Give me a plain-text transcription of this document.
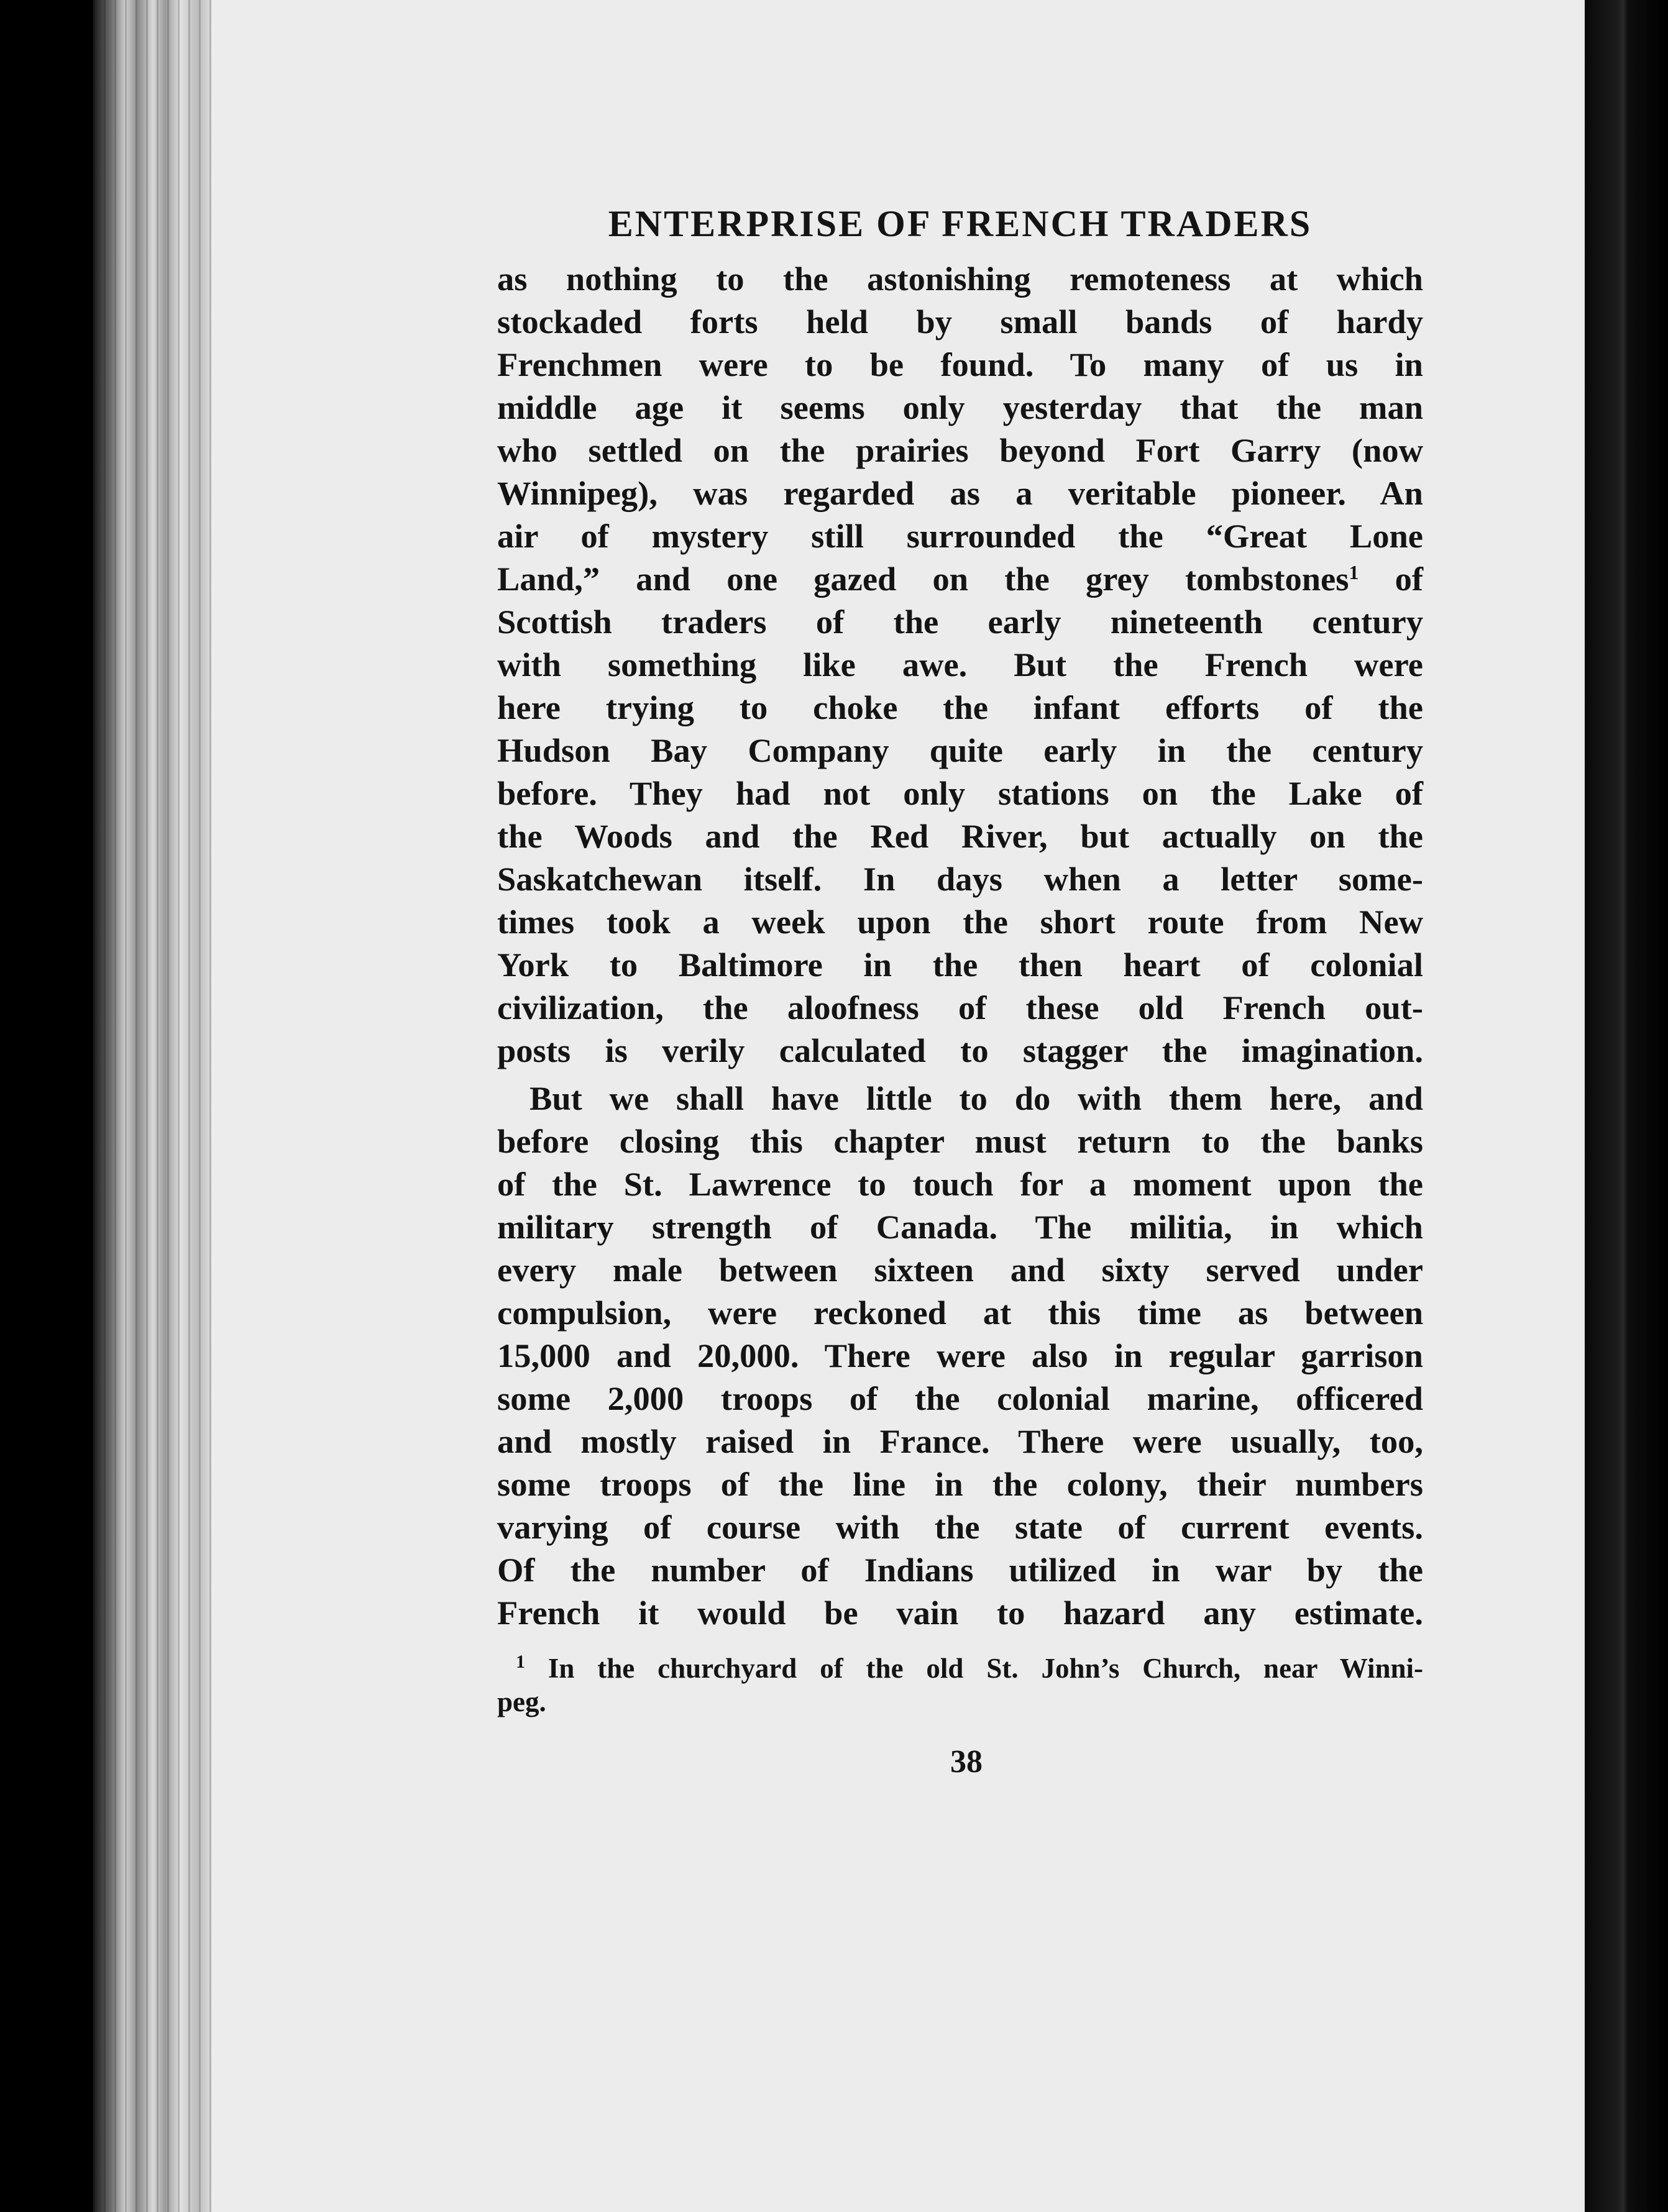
ENTERPRISE OF FRENCH TRADERS
as nothing to the astonishing remoteness at which
stockaded forts held by small bands of hardy
Frenchmen were to be found. To many of us in
middle age it seems only yesterday that the man
who settled on the prairies beyond Fort Garry (now
Winnipeg), was regarded as a veritable pioneer. An
air of mystery still surrounded the “Great Lone
Land,” and one gazed on the grey tombstones$^1$ of
Scottish traders of the early nineteenth century
with something like awe. But the French were
here trying to choke the infant efforts of the
Hudson Bay Company quite early in the century
before. They had not only stations on the Lake of
the Woods and the Red River, but actually on the
Saskatchewan itself. In days when a letter some-
times took a week upon the short route from New
York to Baltimore in the then heart of colonial
civilization, the aloofness of these old French out-
posts is verily calculated to stagger the imagination.
But we shall have little to do with them here, and
before closing this chapter must return to the banks
of the St. Lawrence to touch for a moment upon the
military strength of Canada. The militia, in which
every male between sixteen and sixty served under
compulsion, were reckoned at this time as between
15,000 and 20,000. There were also in regular garrison
some 2,000 troops of the colonial marine, officered
and mostly raised in France. There were usually, too,
some troops of the line in the colony, their numbers
varying of course with the state of current events.
Of the number of Indians utilized in war by the
French it would be vain to hazard any estimate.
$^1$ In the churchyard of the old St. John’s Church, near Winni-
peg.
38
